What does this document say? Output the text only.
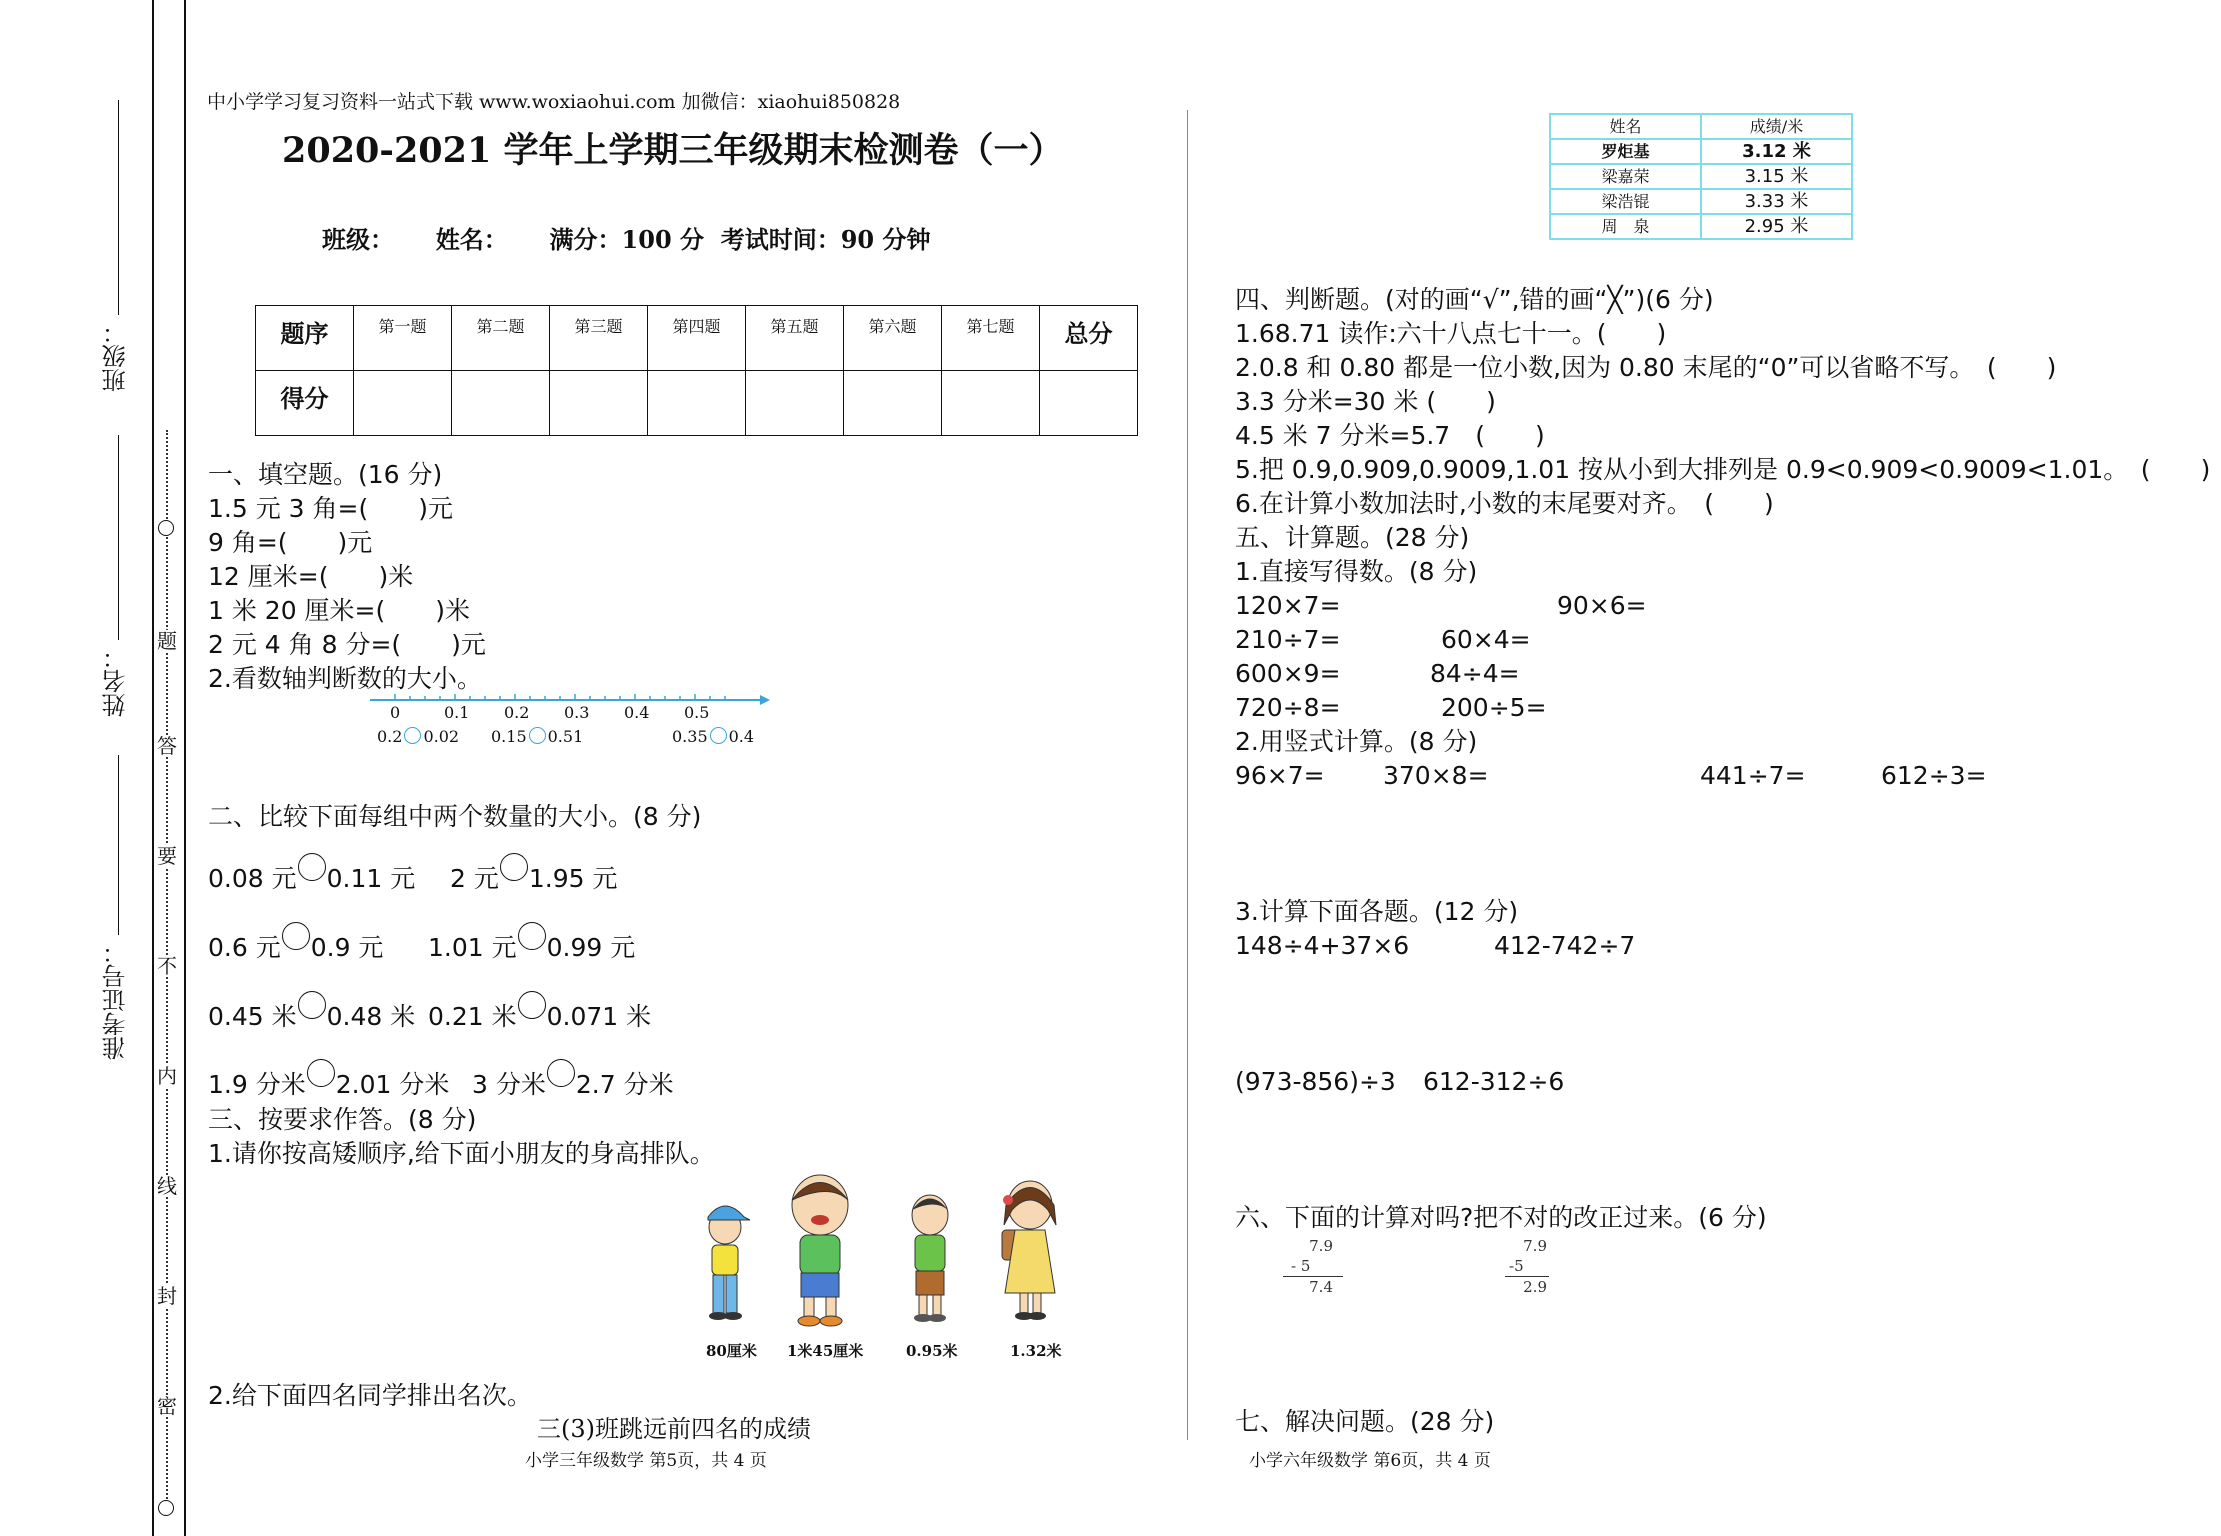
班级：
姓名：
准考证号：
题
答
要
不
内
线
封
密
中小学学习复习资料一站式下载 www.woxiaohui.com 加微信：xiaohui850828
2020-2021 学年上学期三年级期末检测卷（一）
班级：     姓名：     满分：100 分  考试时间：90 分钟
题序	第一题	第二题	第三题	第四题	第五题	第六题	第七题	总分
得分								
一、填空题。(16 分)
1.5 元 3 角=(　　)元
9 角=(　　)元
12 厘米=(　　)米
1 米 20 厘米=(　　)米
2 元 4 角 8 分=(　　)元
2.看数轴判断数的大小。
0	0.1 0.2 0.3 0.4 0.5
0.2 0.02 0.15 0.51	0.35 0.4
二、比较下面每组中两个数量的大小。(8 分)
0.08 元 0.11 元 2 元 1.95 元
0.6 元 0.9 元 1.01 元 0.99 元
0.45 米 0.48 米 0.21 米 0.071 米
1.9 分米 2.01 分米 3 分米 2.7 分米
三、按要求作答。(8 分)
1.请你按高矮顺序,给下面小朋友的身高排队。
80厘米 1米45厘米	0.95米	1.32米
2.给下面四名同学排出名次。
三(3)班跳远前四名的成绩
小学三年级数学 第5页，共 4 页
姓名	成绩/米
罗炬基	3.12 米
梁嘉荣	3.15 米
梁浩锟	3.33 米
周　泉	2.95 米
四、判断题。(对的画“√”,错的画“╳”)(6 分)
1.68.71 读作:六十八点七十一。(　　)
2.0.8 和 0.80 都是一位小数,因为 0.80 末尾的“0”可以省略不写。　(　　)
3.3 分米=30 米 (　　)
4.5 米 7 分米=5.7　(　　)
5.把 0.9,0.909,0.9009,1.01 按从小到大排列是 0.9<0.909<0.9009<1.01。　(　　)
6.在计算小数加法时,小数的末尾要对齐。　(　　)
五、计算题。(28 分)
1.直接写得数。(8 分)
120×7=	90×6=
210÷7=	60×4=
600×9=	84÷4=
720÷8=	200÷5=
2.用竖式计算。(8 分)
96×7= 370×8=	441÷7=	612÷3=
3.计算下面各题。(12 分)
148÷4+37×6	412-742÷7
(973-856)÷3 612-312÷6
六、下面的计算对吗?把不对的改正过来。(6 分)
7.9
- 5
7.4
7.9
-5
2.9
七、解决问题。(28 分)
小学六年级数学 第6页，共 4 页
